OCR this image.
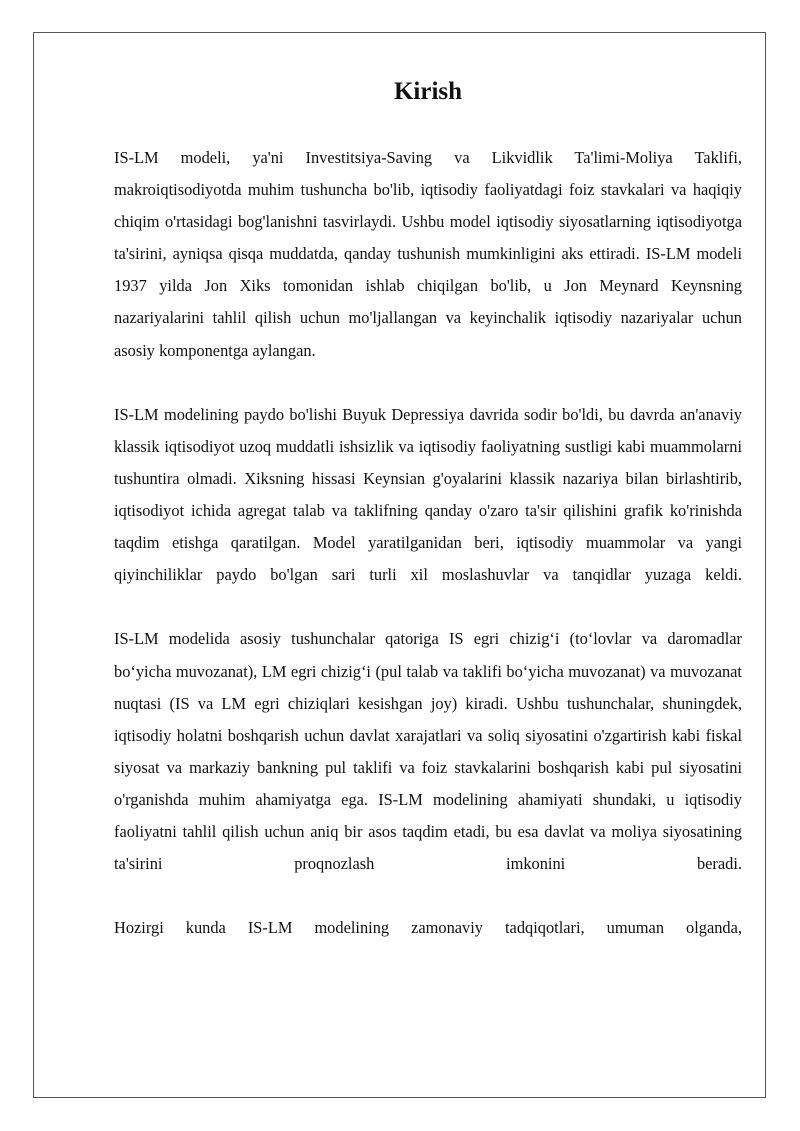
Kirish

IS-LM modeli, ya'ni Investitsiya-Saving va Likvidlik Ta'limi-Moliya Taklifi, makroiqtisodiyotda muhim tushuncha bo'lib, iqtisodiy faoliyatdagi foiz stavkalari va haqiqiy chiqim o'rtasidagi bog'lanishni tasvirlaydi. Ushbu model iqtisodiy siyosatlarning iqtisodiyotga ta'sirini, ayniqsa qisqa muddatda, qanday tushunish mumkinligini aks ettiradi. IS-LM modeli 1937 yilda Jon Xiks tomonidan ishlab chiqilgan bo'lib, u Jon Meynard Keynsning nazariyalarini tahlil qilish uchun mo'ljallangan va keyinchalik iqtisodiy nazariyalar uchun asosiy komponentga aylangan.

IS-LM modelining paydo bo'lishi Buyuk Depressiya davrida sodir bo'ldi, bu davrda an'anaviy klassik iqtisodiyot uzoq muddatli ishsizlik va iqtisodiy faoliyatning sustligi kabi muammolarni tushuntira olmadi. Xiksning hissasi Keynsian g'oyalarini klassik nazariya bilan birlashtirib, iqtisodiyot ichida agregat talab va taklifning qanday o'zaro ta'sir qilishini grafik ko'rinishda taqdim etishga qaratilgan. Model yaratilganidan beri, iqtisodiy muammolar va yangi qiyinchiliklar paydo bo'lgan sari turli xil moslashuvlar va tanqidlar yuzaga keldi.

IS-LM modelida asosiy tushunchalar qatoriga IS egri chizig‘i (to‘lovlar va daromadlar bo‘yicha muvozanat), LM egri chizig‘i (pul talab va taklifi bo‘yicha muvozanat) va muvozanat nuqtasi (IS va LM egri chiziqlari kesishgan joy) kiradi. Ushbu tushunchalar, shuningdek, iqtisodiy holatni boshqarish uchun davlat xarajatlari va soliq siyosatini o'zgartirish kabi fiskal siyosat va markaziy bankning pul taklifi va foiz stavkalarini boshqarish kabi pul siyosatini o'rganishda muhim ahamiyatga ega. IS-LM modelining ahamiyati shundaki, u iqtisodiy faoliyatni tahlil qilish uchun aniq bir asos taqdim etadi, bu esa davlat va moliya siyosatining ta'sirini proqnozlash imkonini beradi.

Hozirgi kunda IS-LM modelining zamonaviy tadqiqotlari, umuman olganda,
